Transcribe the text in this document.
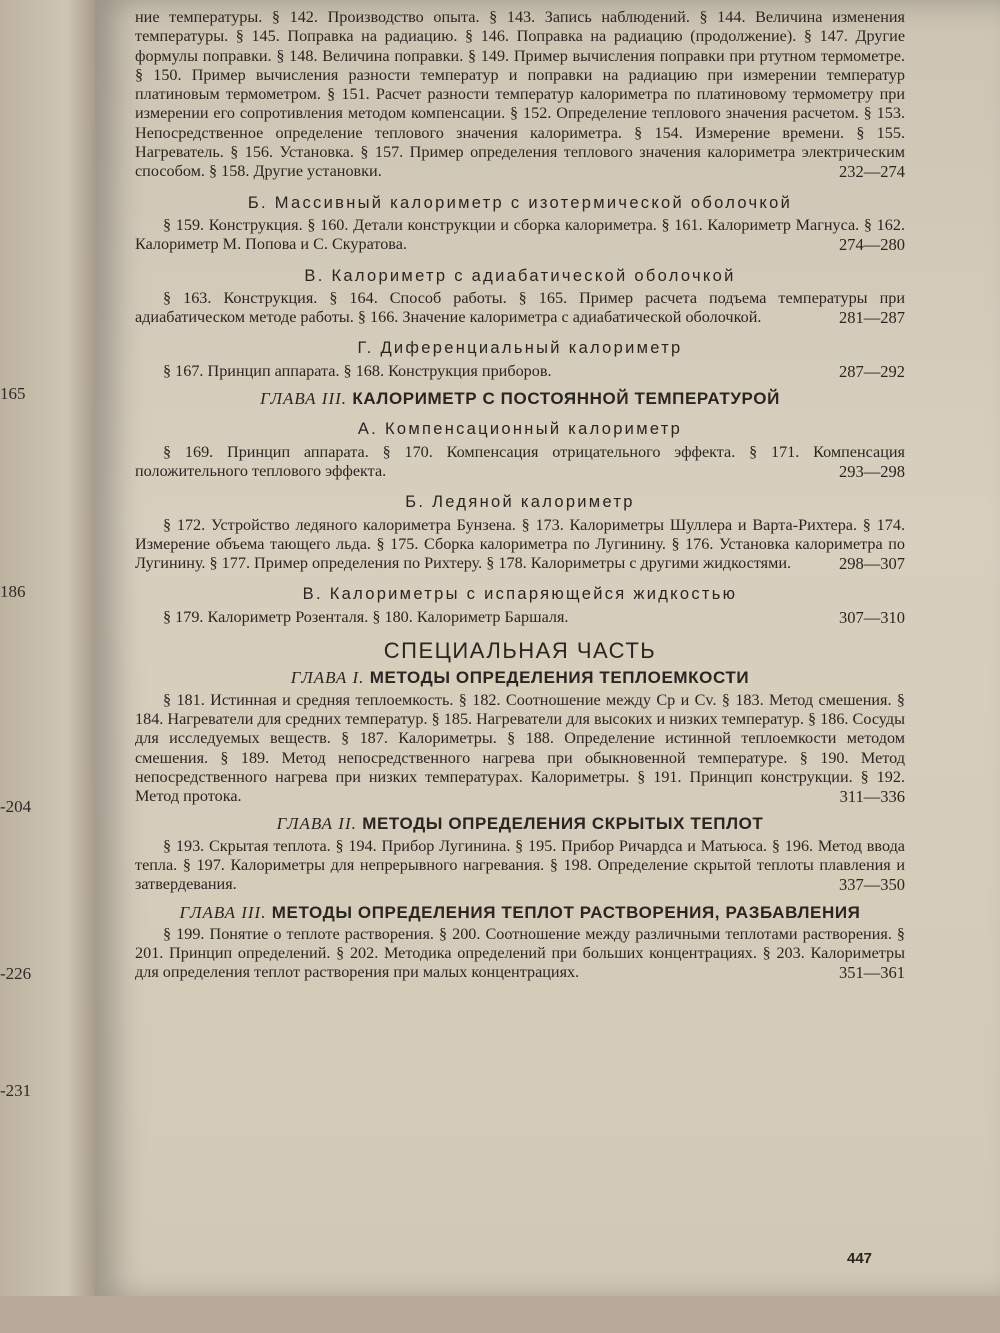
165
186
-204
-226
-231
ние температуры. § 142. Производство опыта. § 143. Запись наблюдений. § 144. Величина изменения температуры. § 145. Поправка на радиацию. § 146. Поправка на радиацию (продолжение). § 147. Другие формулы поправки. § 148. Величина поправки. § 149. Пример вычисления поправки при ртутном термометре. § 150. Пример вычисления разности температур и поправки на радиацию при измерении температур платиновым термометром. § 151. Расчет разности температур калориметра по платиновому термометру при измерении его сопротивления методом компенсации. § 152. Определение теплового значения расчетом. § 153. Непосредственное определение теплового значения калориметра. § 154. Измерение времени. § 155. Нагреватель. § 156. Установка. § 157. Пример определения теплового значения калориметра электрическим способом. § 158. Другие установки.	232—274
Б. Массивный калориметр с изотермической оболочкой
§ 159. Конструкция. § 160. Детали конструкции и сборка калориметра. § 161. Калориметр Магнуса. § 162. Калориметр М. Попова и С. Скуратова.	274—280
В. Калориметр с адиабатической оболочкой
§ 163. Конструкция. § 164. Способ работы. § 165. Пример расчета подъема температуры при адиабатическом методе работы. § 166. Значение калориметра с адиабатической оболочкой.	281—287
Г. Диференциальный калориметр
§ 167. Принцип аппарата. § 168. Конструкция приборов.	287—292
ГЛАВА III. КАЛОРИМЕТР С ПОСТОЯННОЙ ТЕМПЕРАТУРОЙ
А. Компенсационный калориметр
§ 169. Принцип аппарата. § 170. Компенсация отрицательного эффекта. § 171. Компенсация положительного теплового эффекта.	293—298
Б. Ледяной калориметр
§ 172. Устройство ледяного калориметра Бунзена. § 173. Калориметры Шуллера и Варта-Рихтера. § 174. Измерение объема тающего льда. § 175. Сборка калориметра по Лугинину. § 176. Установка калориметра по Лугинину. § 177. Пример определения по Рихтеру. § 178. Калориметры с другими жидкостями.	298—307
В. Калориметры с испаряющейся жидкостью
§ 179. Калориметр Розенталя. § 180. Калориметр Баршаля.	307—310
СПЕЦИАЛЬНАЯ ЧАСТЬ
ГЛАВА I. МЕТОДЫ ОПРЕДЕЛЕНИЯ ТЕПЛОЕМКОСТИ
§ 181. Истинная и средняя теплоемкость. § 182. Соотношение между Cp и Cv. § 183. Метод смешения. § 184. Нагреватели для средних температур. § 185. Нагреватели для высоких и низких температур. § 186. Сосуды для исследуемых веществ. § 187. Калориметры. § 188. Определение истинной теплоемкости методом смешения. § 189. Метод непосредственного нагрева при обыкновенной температуре. § 190. Метод непосредственного нагрева при низких температурах. Калориметры. § 191. Принцип конструкции. § 192. Метод протока.	311—336
ГЛАВА II. МЕТОДЫ ОПРЕДЕЛЕНИЯ СКРЫТЫХ ТЕПЛОТ
§ 193. Скрытая теплота. § 194. Прибор Лугинина. § 195. Прибор Ричардса и Матьюса. § 196. Метод ввода тепла. § 197. Калориметры для непрерывного нагревания. § 198. Определение скрытой теплоты плавления и затвердевания.	337—350
ГЛАВА III. МЕТОДЫ ОПРЕДЕЛЕНИЯ ТЕПЛОТ РАСТВОРЕНИЯ, РАЗБАВЛЕНИЯ
§ 199. Понятие о теплоте растворения. § 200. Соотношение между различными теплотами растворения. § 201. Принцип определений. § 202. Методика определений при больших концентрациях. § 203. Калориметры для определения теплот растворения при малых концентрациях.	351—361
447
